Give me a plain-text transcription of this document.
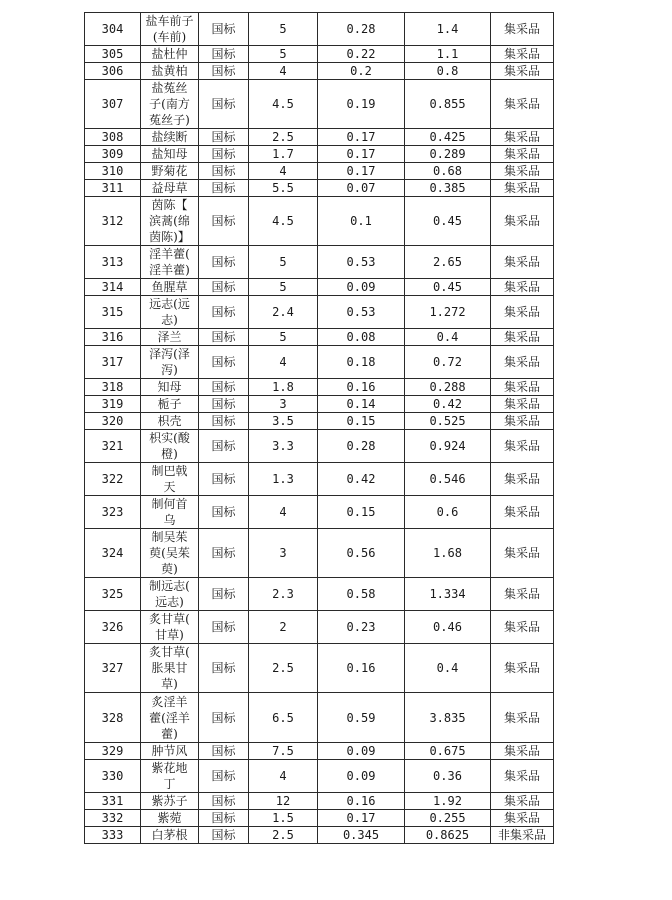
304	盐车前子
(车前)	国标	5	0.28	1.4	集采品
305	盐杜仲	国标	5	0.22	1.1	集采品
306	盐黄柏	国标	4	0.2	0.8	集采品
307	盐菟丝
子(南方
菟丝子)	国标	4.5	0.19	0.855	集采品
308	盐续断	国标	2.5	0.17	0.425	集采品
309	盐知母	国标	1.7	0.17	0.289	集采品
310	野菊花	国标	4	0.17	0.68	集采品
311	益母草	国标	5.5	0.07	0.385	集采品
312	茵陈【
滨蒿(绵
茵陈)】	国标	4.5	0.1	0.45	集采品
313	淫羊藿(
淫羊藿)	国标	5	0.53	2.65	集采品
314	鱼腥草	国标	5	0.09	0.45	集采品
315	远志(远
志)	国标	2.4	0.53	1.272	集采品
316	泽兰	国标	5	0.08	0.4	集采品
317	泽泻(泽
泻)	国标	4	0.18	0.72	集采品
318	知母	国标	1.8	0.16	0.288	集采品
319	栀子	国标	3	0.14	0.42	集采品
320	枳壳	国标	3.5	0.15	0.525	集采品
321	枳实(酸
橙)	国标	3.3	0.28	0.924	集采品
322	制巴戟
天	国标	1.3	0.42	0.546	集采品
323	制何首
乌	国标	4	0.15	0.6	集采品
324	制吴茱
萸(吴茱
萸)	国标	3	0.56	1.68	集采品
325	制远志(
远志)	国标	2.3	0.58	1.334	集采品
326	炙甘草(
甘草)	国标	2	0.23	0.46	集采品
327	炙甘草(
胀果甘
草)	国标	2.5	0.16	0.4	集采品
328	炙淫羊
藿(淫羊
藿)	国标	6.5	0.59	3.835	集采品
329	肿节风	国标	7.5	0.09	0.675	集采品
330	紫花地
丁	国标	4	0.09	0.36	集采品
331	紫苏子	国标	12	0.16	1.92	集采品
332	紫菀	国标	1.5	0.17	0.255	集采品
333	白茅根	国标	2.5	0.345	0.8625	非集采品
